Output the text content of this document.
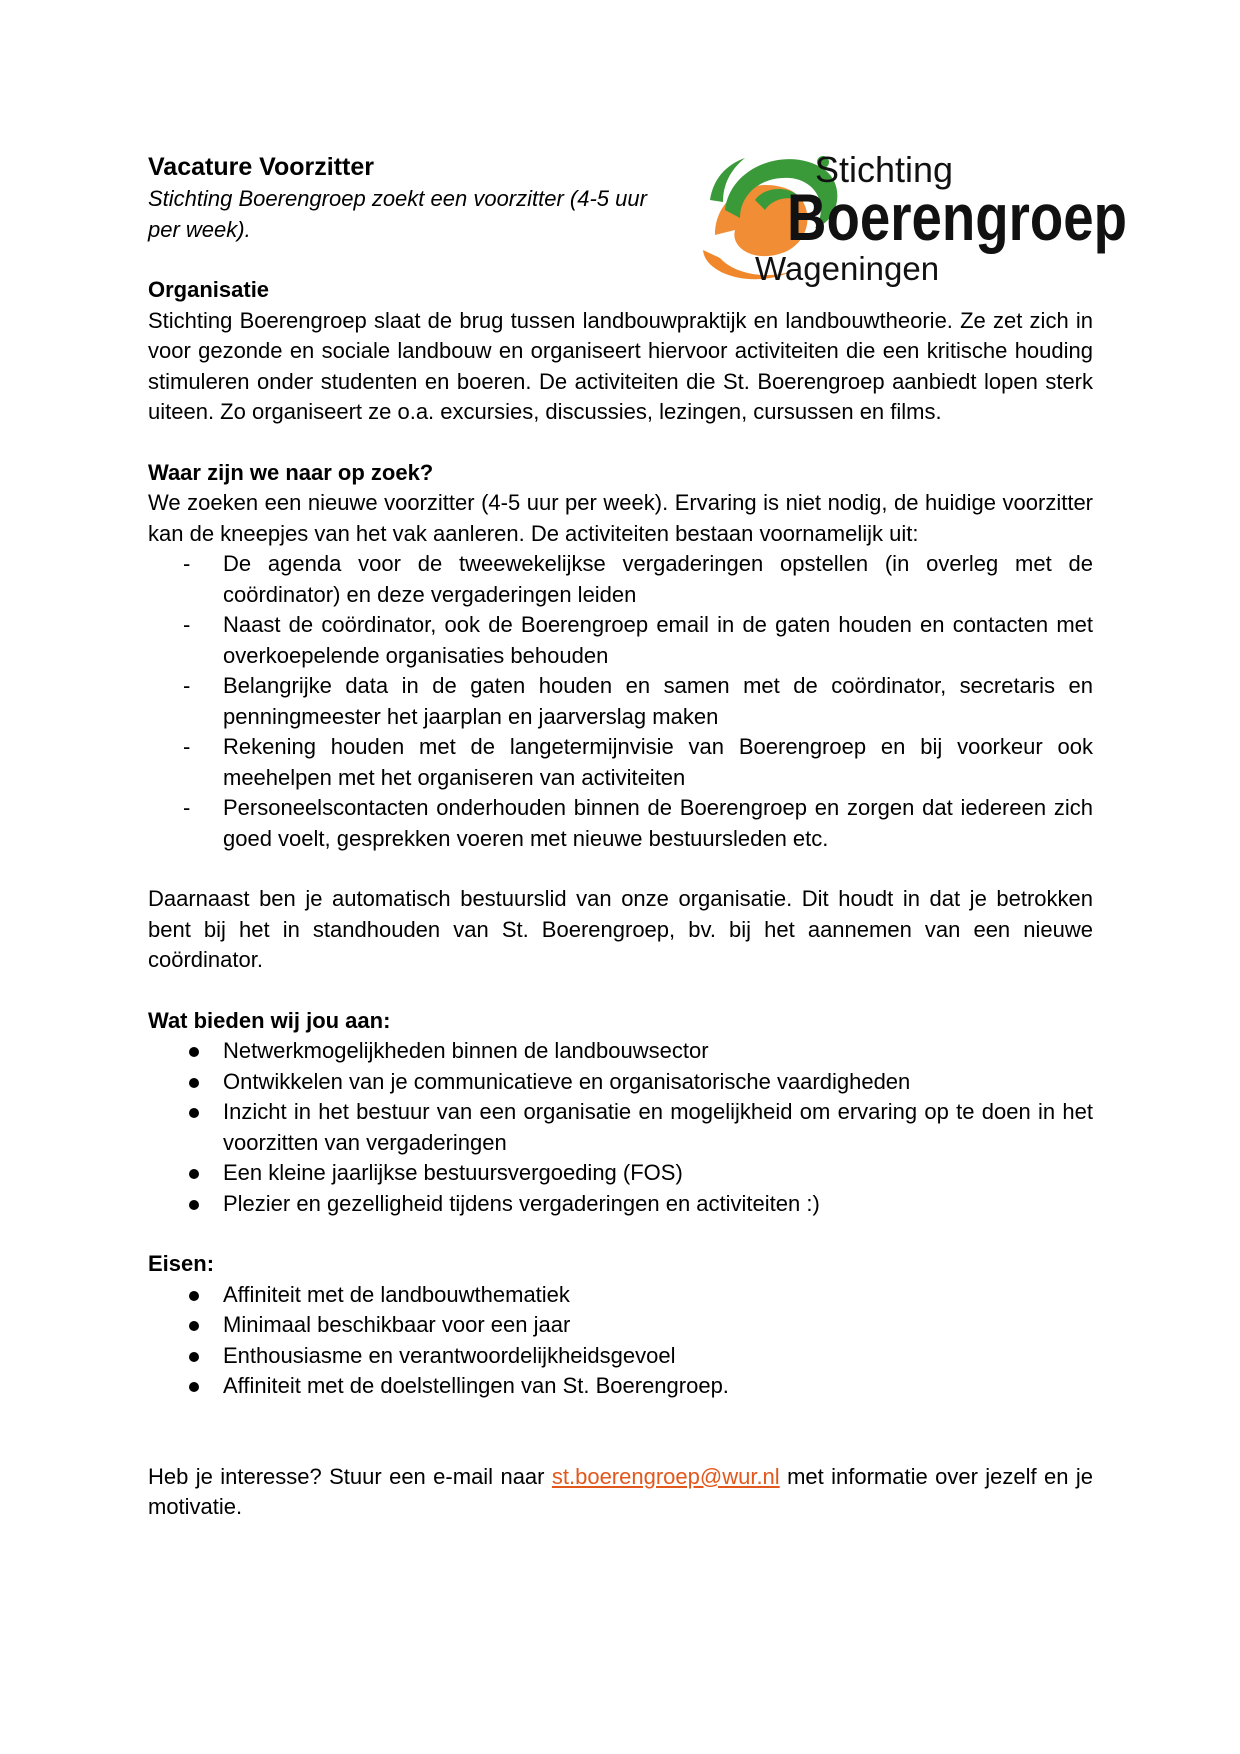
Stichting
Boerengroep
Wageningen
Vacature Voorzitter

Stichting Boerengroep zoekt een voorzitter (4-5 uur per week).

Organisatie

Stichting Boerengroep slaat de brug tussen landbouwpraktijk en landbouwtheorie. Ze zet zich in voor gezonde en sociale landbouw en organiseert hiervoor activiteiten die een kritische houding stimuleren onder studenten en boeren. De activiteiten die St. Boerengroep aanbiedt lopen sterk uiteen. Zo organiseert ze o.a. excursies, discussies, lezingen, cursussen en films.

Waar zijn we naar op zoek?

We zoeken een nieuwe voorzitter (4-5 uur per week). Ervaring is niet nodig, de huidige voorzitter kan de kneepjes van het vak aanleren. De activiteiten bestaan voornamelijk uit:

- De agenda voor de tweewekelijkse vergaderingen opstellen (in overleg met de coördinator) en deze vergaderingen leiden
- Naast de coördinator, ook de Boerengroep email in de gaten houden en contacten met overkoepelende organisaties behouden
- Belangrijke data in de gaten houden en samen met de coördinator, secretaris en penningmeester het jaarplan en jaarverslag maken
- Rekening houden met de langetermijnvisie van Boerengroep en bij voorkeur ook meehelpen met het organiseren van activiteiten
- Personeelscontacten onderhouden binnen de Boerengroep en zorgen dat iedereen zich goed voelt, gesprekken voeren met nieuwe bestuursleden etc.

Daarnaast ben je automatisch bestuurslid van onze organisatie. Dit houdt in dat je betrokken bent bij het in standhouden van St. Boerengroep, bv. bij het aannemen van een nieuwe coördinator.

Wat bieden wij jou aan:

Netwerkmogelijkheden binnen de landbouwsector
Ontwikkelen van je communicatieve en organisatorische vaardigheden
Inzicht in het bestuur van een organisatie en mogelijkheid om ervaring op te doen in het voorzitten van vergaderingen
Een kleine jaarlijkse bestuursvergoeding (FOS)
Plezier en gezelligheid tijdens vergaderingen en activiteiten :)

Eisen:

Affiniteit met de landbouwthematiek
Minimaal beschikbaar voor een jaar
Enthousiasme en verantwoordelijkheidsgevoel
Affiniteit met de doelstellingen van St. Boerengroep.

Heb je interesse? Stuur een e-mail naar st.boerengroep@wur.nl met informatie over jezelf en je motivatie.
